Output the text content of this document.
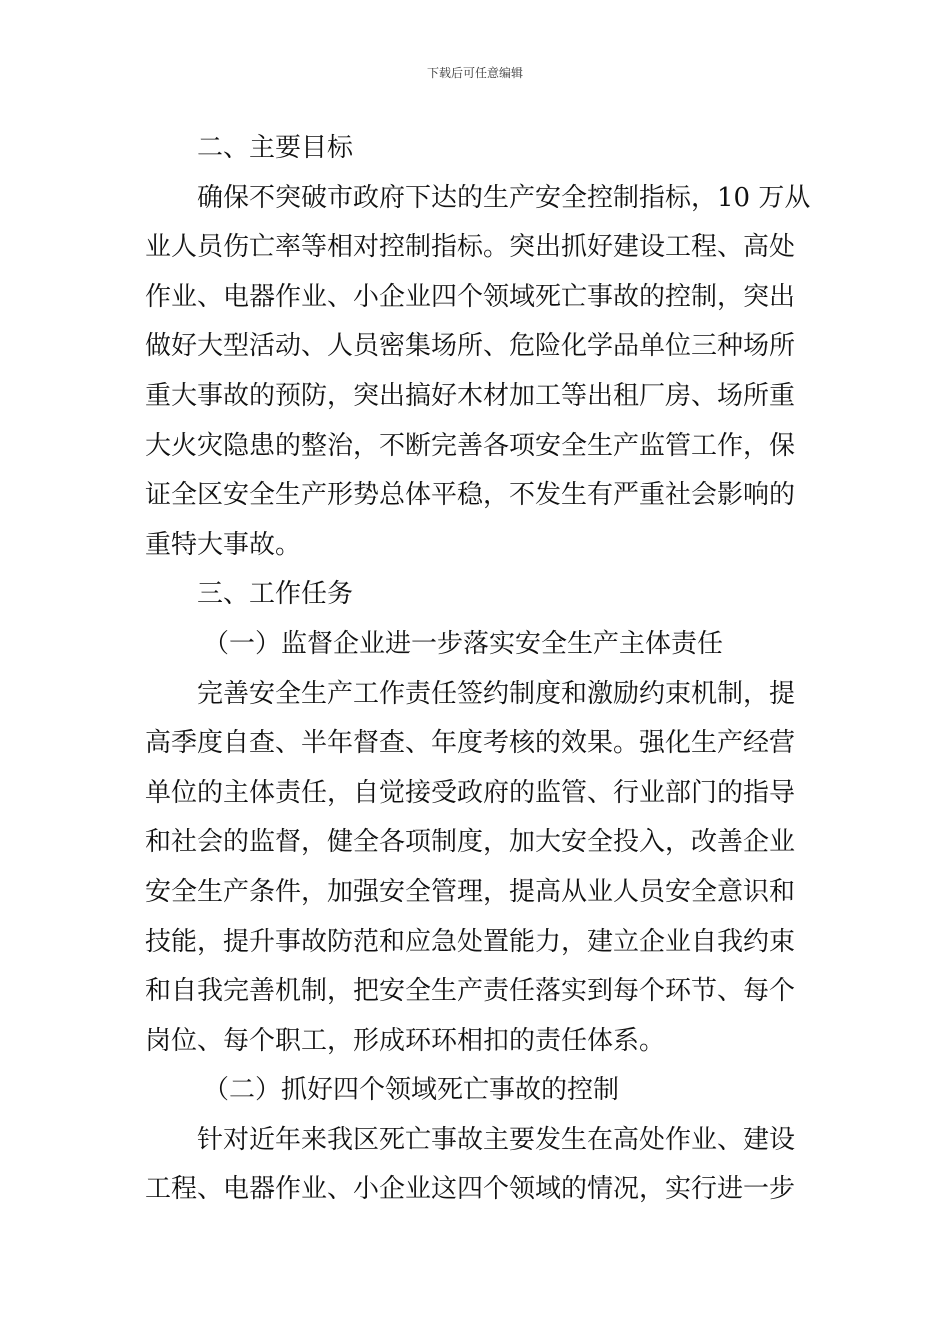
下载后可任意编辑
二、主要目标
确保不突破市政府下达的生产安全控制指标，10 万从
业人员伤亡率等相对控制指标。突出抓好建设工程、高处
作业、电器作业、小企业四个领域死亡事故的控制，突出
做好大型活动、人员密集场所、危险化学品单位三种场所
重大事故的预防，突出搞好木材加工等出租厂房、场所重
大火灾隐患的整治，不断完善各项安全生产监管工作，保
证全区安全生产形势总体平稳，不发生有严重社会影响的
重特大事故。
三、工作任务
（一）监督企业进一步落实安全生产主体责任
完善安全生产工作责任签约制度和激励约束机制，提
高季度自查、半年督查、年度考核的效果。强化生产经营
单位的主体责任，自觉接受政府的监管、行业部门的指导
和社会的监督，健全各项制度，加大安全投入，改善企业
安全生产条件，加强安全管理，提高从业人员安全意识和
技能，提升事故防范和应急处置能力，建立企业自我约束
和自我完善机制，把安全生产责任落实到每个环节、每个
岗位、每个职工，形成环环相扣的责任体系。
（二）抓好四个领域死亡事故的控制
针对近年来我区死亡事故主要发生在高处作业、建设
工程、电器作业、小企业这四个领域的情况，实行进一步
